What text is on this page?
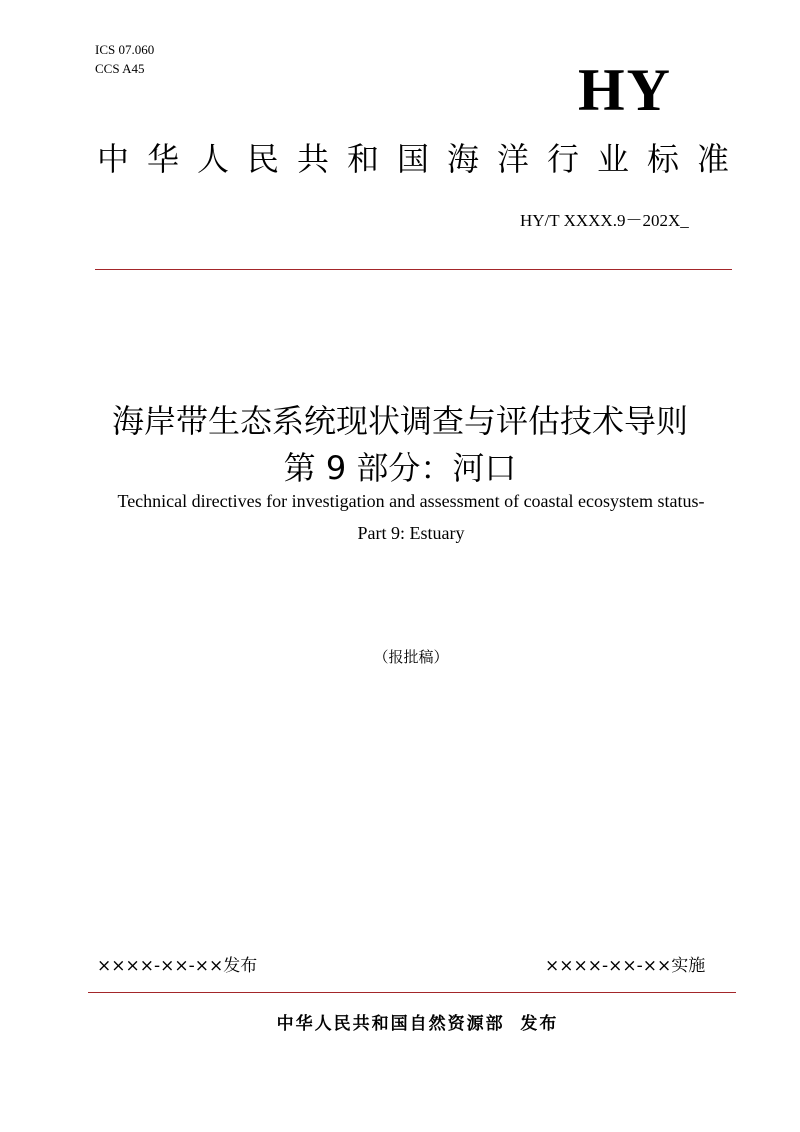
ICS 07.060
CCS A45	HY
中华人民共和国海洋行业标准
HY/T XXXX.9－202X_
海岸带生态系统现状调查与评估技术导则
第 9 部分：河口
Technical directives for investigation and assessment of coastal ecosystem status-
Part 9: Estuary
（报批稿）
××××-××-××发布	××××-××-××实施
中华人民共和国自然资源部  发布
